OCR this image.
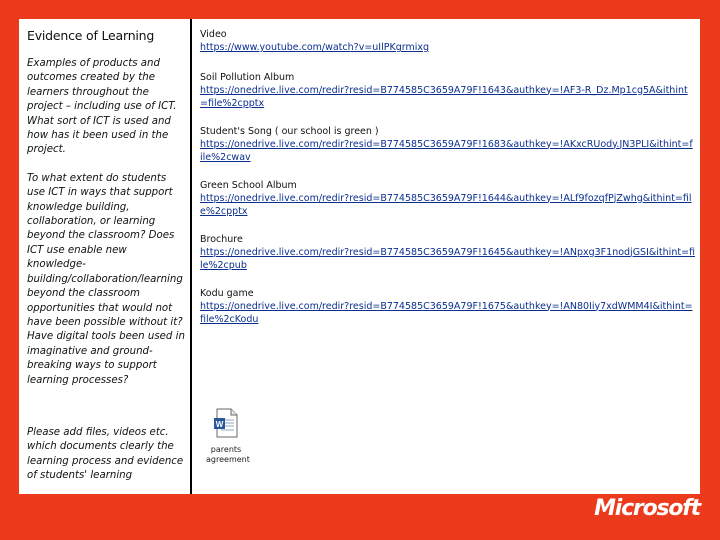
Evidence of Learning

Examples of products and outcomes created by the learners throughout the project – including use of ICT. What sort of ICT is used and how has it been used in the project.

To what extent do students use ICT in ways that support knowledge building, collaboration, or learning beyond the classroom? Does ICT use enable new knowledge-building/collaboration/learning beyond the classroom opportunities that would not have been possible without it? Have digital tools been used in imaginative and ground-breaking ways to support learning processes?

Please add files, videos etc. which documents clearly the learning process and evidence of students' learning

Video
https://www.youtube.com/watch?v=uIlPKgrmixg
Soil Pollution Album
https://onedrive.live.com/redir?resid=B774585C3659A79F!1643&authkey=!AF3-R_Dz.Mp1cg5A&ithint=file%2cpptx
Student's Song ( our school is green )
https://onedrive.live.com/redir?resid=B774585C3659A79F!1683&authkey=!AKxcRUody.JN3PLI&ithint=file%2cwav
Green School Album
https://onedrive.live.com/redir?resid=B774585C3659A79F!1644&authkey=!ALf9fozqfPjZwhg&ithint=file%2cpptx
Brochure
https://onedrive.live.com/redir?resid=B774585C3659A79F!1645&authkey=!ANpxg3F1nodjGSI&ithint=file%2cpub
Kodu game
https://onedrive.live.com/redir?resid=B774585C3659A79F!1675&authkey=!AN80Iiy7xdWMM4I&ithint=file%2cKodu
W
parents agreement
Microsoft
